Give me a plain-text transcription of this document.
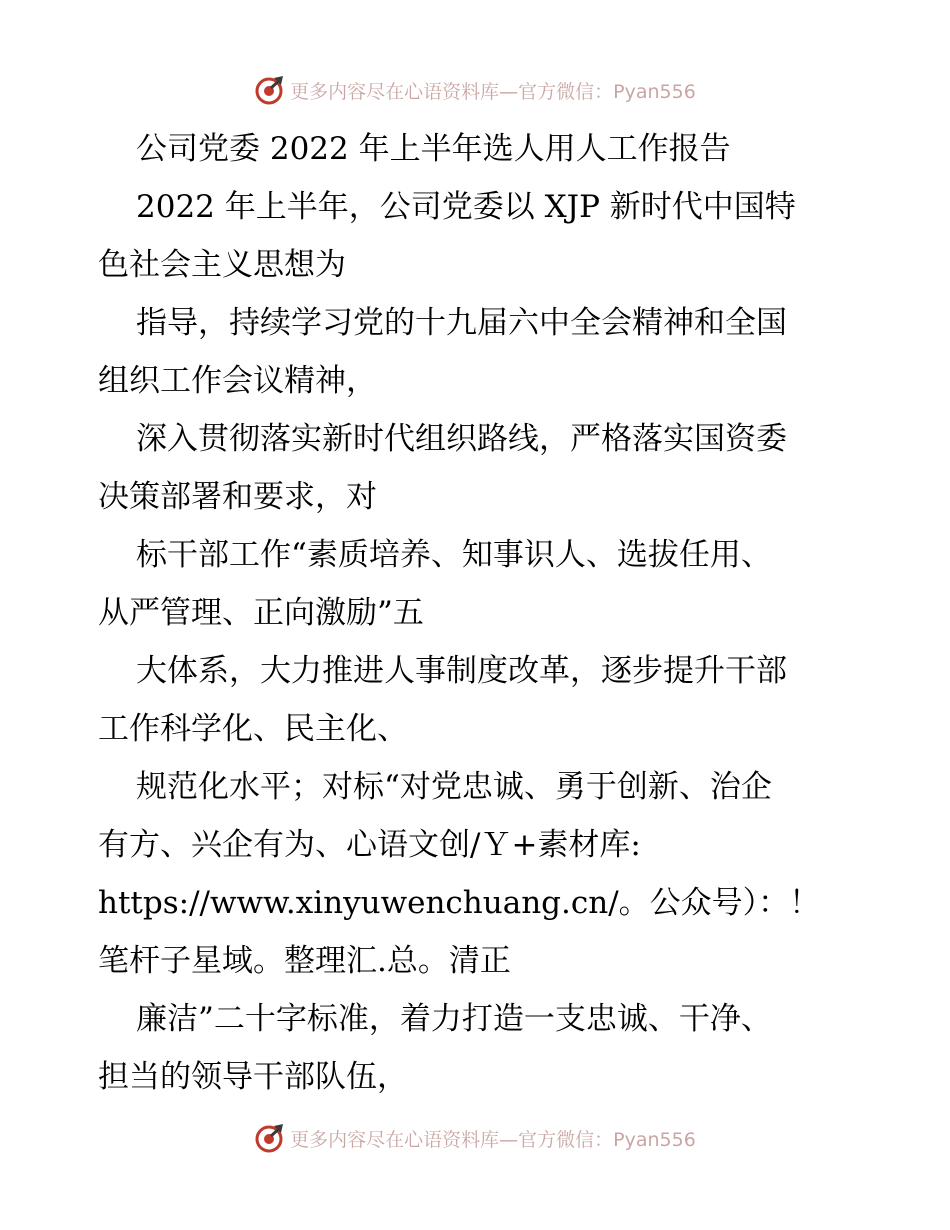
更多内容尽在心语资料库—官方微信：Pyan556
公司党委 2022 年上半年选人用人工作报告
2022 年上半年，公司党委以 XJP 新时代中国特
色社会主义思想为
指导，持续学习党的十九届六中全会精神和全国
组织工作会议精神，
深入贯彻落实新时代组织路线，严格落实国资委
决策部署和要求，对
标干部工作“素质培养、知事识人、选拔任用、
从严管理、正向激励”五
大体系，大力推进人事制度改革，逐步提升干部
工作科学化、民主化、
规范化水平；对标“对党忠诚、勇于创新、治企
有方、兴企有为、心语文创/Ｙ+素材库:
https://www.xinyuwenchuang.cn/。公众号）：！
笔杆子星域。整理汇.总。清正
廉洁”二十字标准，着力打造一支忠诚、干净、
担当的领导干部队伍，
更多内容尽在心语资料库—官方微信：Pyan556
